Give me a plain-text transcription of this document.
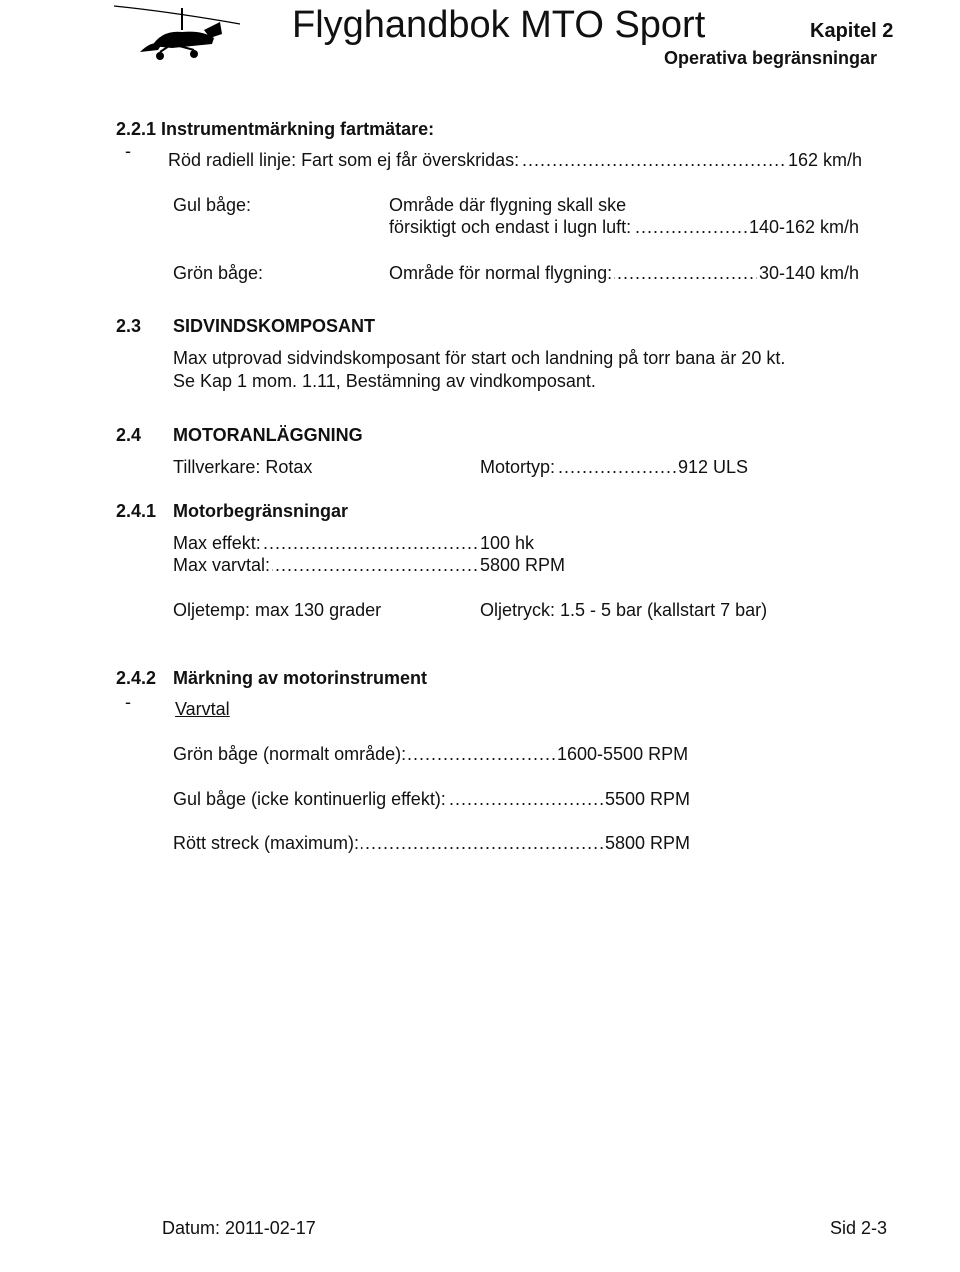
Flyghandbok MTO Sport	Kapitel 2
Operativa begränsningar
2.2.1 Instrumentmärkning fartmätare:
- Röd radiell linje: Fart som ej får överskridas: .....	162 km/h
Gul båge:	Område där flygning skall ske
försiktigt och endast i lugn luft: .....	140-162 km/h
Grön båge:	Område för normal flygning: .....	30-140 km/h
2.3 SIDVINDSKOMPOSANT
Max utprovad sidvindskomposant för start och landning på torr bana är 20 kt.
Se Kap 1 mom. 1.11, Bestämning av vindkomposant.
2.4 MOTORANLÄGGNING
Tillverkare: Rotax	Motortyp: .....	912 ULS
2.4.1 Motorbegränsningar
Max effekt: .....	100 hk
Max varvtal: .....	5800 RPM
Oljetemp: max 130 grader	Oljetryck: 1.5 - 5 bar (kallstart 7 bar)
2.4.2 Märkning av motorinstrument
- Varvtal
Grön båge (normalt område): .....	1600-5500 RPM
Gul båge (icke kontinuerlig effekt): .....	5500 RPM
Rött streck (maximum): .....	5800 RPM
Datum: 2011-02-17	Sid 2-3
